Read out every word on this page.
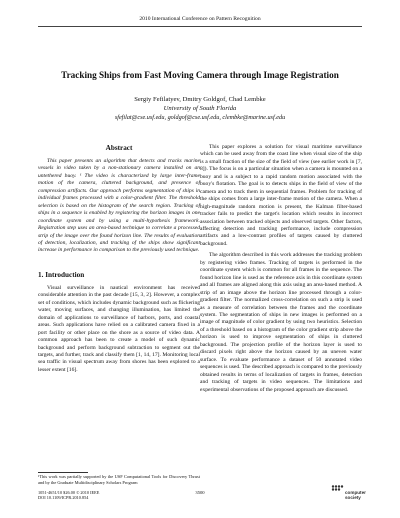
2010 International Conference on Pattern Recognition
Tracking Ships from Fast Moving Camera through Image Registration
Sergiy Fefilatyev, Dmitry Goldgof, Chad Lembke
University of South Florida
sfefilat@cse.usf.edu, goldgof@cse.usf.edu, clembke@marine.usf.edu
Abstract

This paper presents an algorithm that detects and tracks marine vessels in video taken by a non-stationary camera installed on an untethered buoy. ¹ The video is characterized by large inter-frame motion of the camera, cluttered background, and presence of compression artifacts. Our approach performs segmentation of ships in individual frames processed with a color-gradient filter. The threshold selection is based on the histogram of the search region. Tracking of ships in a sequence is enabled by registering the horizon images in one coordinate system and by using a multi-hypothesis framework. Registration step uses an area-based technique to correlate a processed strip of the image over the found horizon line. The results of evaluation of detection, localization, and tracking of the ships show significant increase in performance in comparison to the previously used technique.

1. Introduction

Visual surveillance in nautical environment has received considerable attention in the past decade [15, 3, 2]. However, a complex set of conditions, which includes dynamic background such as flickering water, moving surfaces, and changing illumination, has limited the domain of applications to surveillance of harbors, ports, and coastal areas. Such applications have relied on a calibrated camera fixed in a port facility or other place on the shore as a source of video data. A common approach has been to create a model of such dynamic background and perform background subtraction to segment out the targets, and further, track and classify them [1, 14, 17]. Monitoring local sea traffic in visual spectrum away from shores has been explored to a lesser extent [16].

This paper explores a solution for visual maritime surveillance which can be used away from the coast line when visual size of the ship is a small fraction of the size of the field of view (see earlier work in [7, 8]). The focus is on a particular situation when a camera is mounted on a buoy and is a subject to a rapid random motion associated with the buoy's flotation. The goal is to detects ships in the field of view of the camera and to track them in sequential frames. Problem for tracking of the ships comes from a large inter-frame motion of the camera. When a high-magnitude random motion is present, the Kalman filter-based tracker fails to predict the target's location which results in incorrect association between tracked objects and observed targets. Other factors, affecting detection and tracking performance, include compression artifacts and a low-contrast profiles of targets caused by cluttered background.

The algorithm described in this work addresses the tracking problem by registering video frames. Tracking of targets is performed in the coordinate system which is common for all frames in the sequence. The found horizon line is used as the reference axis in this coordinate system and all frames are aligned along this axis using an area-based method. A strip of an image above the horizon line processed through a color-gradient filter. The normalized cross-correlation on such a strip is used as a measure of correlation between the frames and the coordinate system. The segmentation of ships in new images is performed on a image of magnitude of color gradient by using two heuristics. Selection of a threshold based on a histogram of the color gradient strip above the horizon is used to improve segmentation of ships in cluttered background. The projection profile of the horizon layer is used to discard pixels right above the horizon caused by an uneven water surface. To evaluate performance a dataset of 50 annotated video sequences is used. The described approach is compared to the previously obtained results in terms of localization of targets in frames, detection and tracking of targets in video sequences. The limitations and experimental observations of the proposed approach are discussed.

¹This work was partially supported by the USF Computational Tools for Discovery Thrust and by the Graduate Multidisciplinary Scholars Program
1051-4651/10 $26.00 © 2010 IEEE
DOI 10.1109/ICPR.2010.854
3500	computer
society
